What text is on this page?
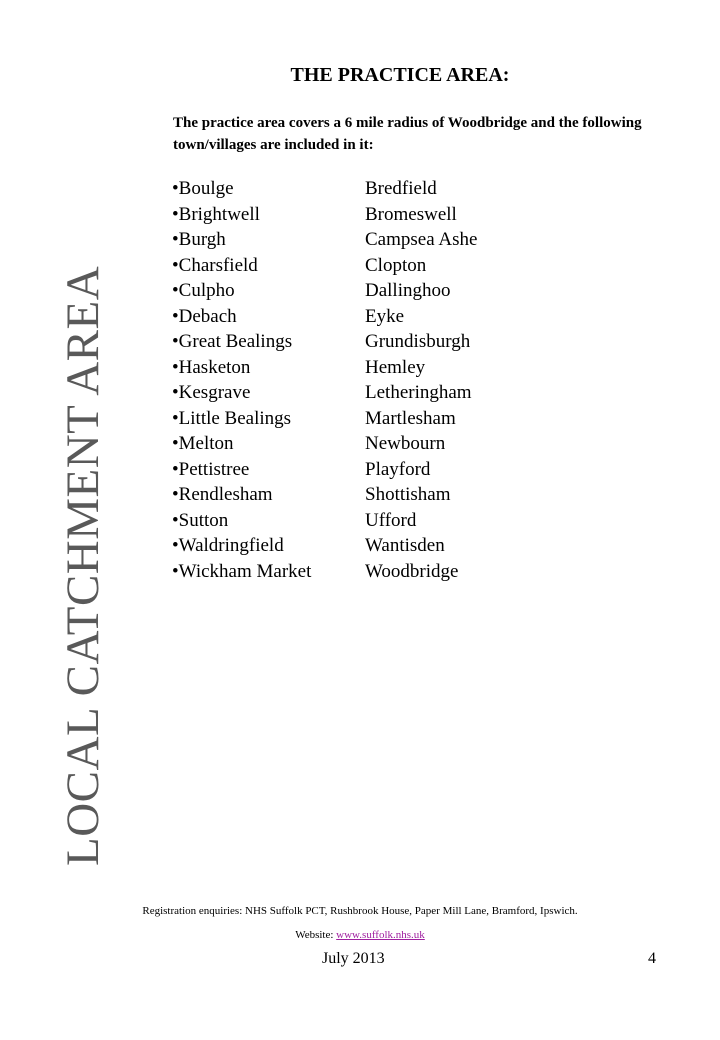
LOCAL CATCHMENT AREA
THE PRACTICE AREA:
The practice area covers a 6 mile radius of Woodbridge and the following town/villages are included in it:
•Boulge	Bredfield
•Brightwell	Bromeswell
•Burgh	Campsea Ashe
•Charsfield	Clopton
•Culpho	Dallinghoo
•Debach	Eyke
•Great Bealings	Grundisburgh
•Hasketon	Hemley
•Kesgrave	Letheringham
•Little Bealings	Martlesham
•Melton	Newbourn
•Pettistree	Playford
•Rendlesham	Shottisham
•Sutton	Ufford
•Waldringfield	Wantisden
•Wickham Market	Woodbridge
Registration enquiries: NHS Suffolk PCT, Rushbrook House, Paper Mill Lane, Bramford, Ipswich.
Website: www.suffolk.nhs.uk
July 2013	4
